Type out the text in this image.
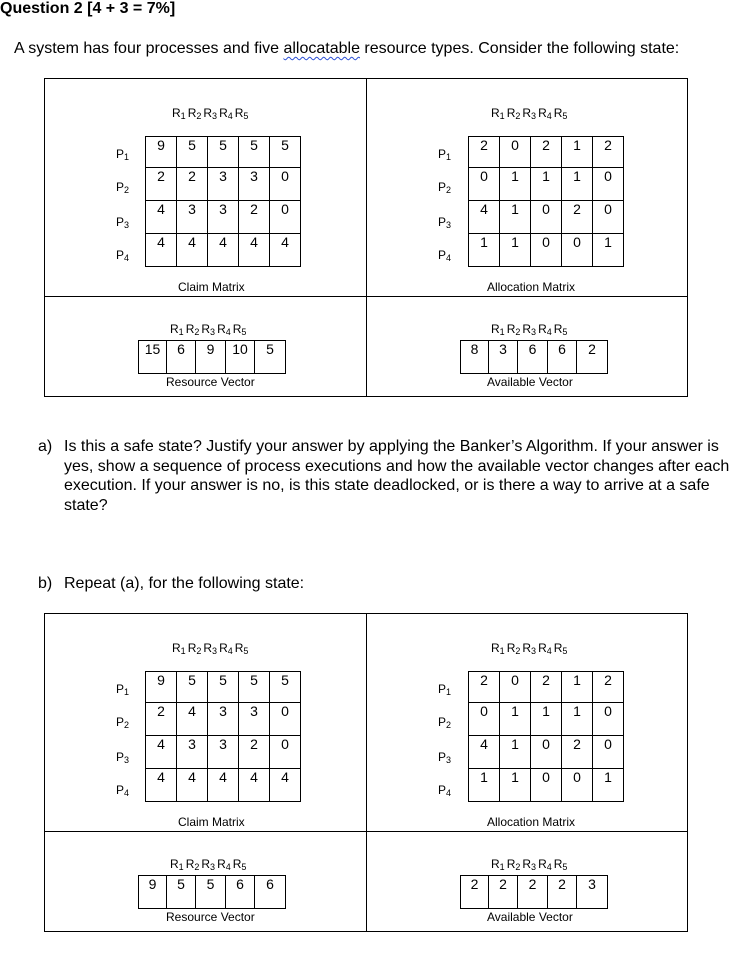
Question 2 [4 + 3 = 7%]
A system has four processes and five allocatable resource types. Consider the following state:
R1 R2 R3 R4 R5
9	5	5	5	5
2	2	3	3	0
4	3	3	2	0
4	4	4	4	4
$P_1$
$P_2$
$P_3$
$P_4$
Claim Matrix
R1 R2 R3 R4 R5
2	0	2	1	2
0	1	1	1	0
4	1	0	2	0
1	1	0	0	1
$P_1$
$P_2$
$P_3$
$P_4$
Allocation Matrix
R1 R2 R3 R4 R5
15	6	9	10	5
Resource Vector
R1 R2 R3 R4 R5
8	3	6	6	2
Available Vector
a) Is this a safe state? Justify your answer by applying the Banker’s Algorithm. If your answer is
yes, show a sequence of process executions and how the available vector changes after each
execution. If your answer is no, is this state deadlocked, or is there a way to arrive at a safe
state?
b) Repeat (a), for the following state:
R1 R2 R3 R4 R5
9	5	5	5	5
2	4	3	3	0
4	3	3	2	0
4	4	4	4	4
$P_1$
$P_2$
$P_3$
$P_4$
Claim Matrix
R1 R2 R3 R4 R5
2	0	2	1	2
0	1	1	1	0
4	1	0	2	0
1	1	0	0	1
$P_1$
$P_2$
$P_3$
$P_4$
Allocation Matrix
R1 R2 R3 R4 R5
9	5	5	6	6
Resource Vector
R1 R2 R3 R4 R5
2	2	2	2	3
Available Vector
